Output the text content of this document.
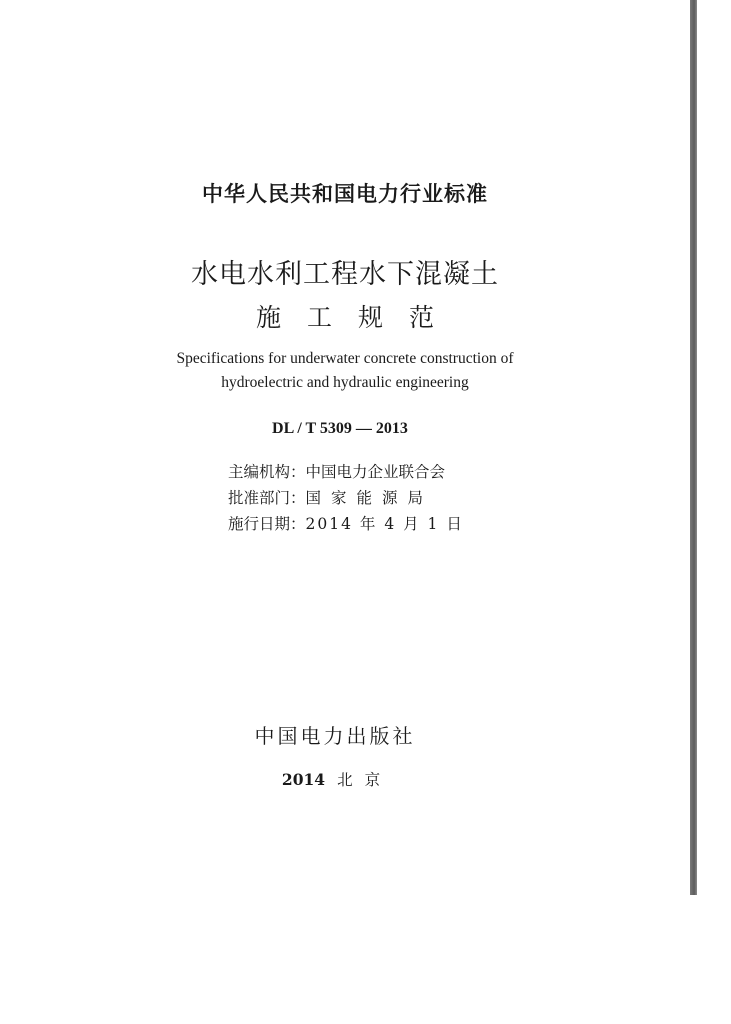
中华人民共和国电力行业标准
水电水利工程水下混凝土
施工规范
Specifications for underwater concrete construction of
hydroelectric and hydraulic engineering
DL / T 5309 — 2013
主编机构：中国电力企业联合会
批准部门：国家能源局
施行日期：2014 年 4 月 1 日
中国电力出版社
2014 北京
